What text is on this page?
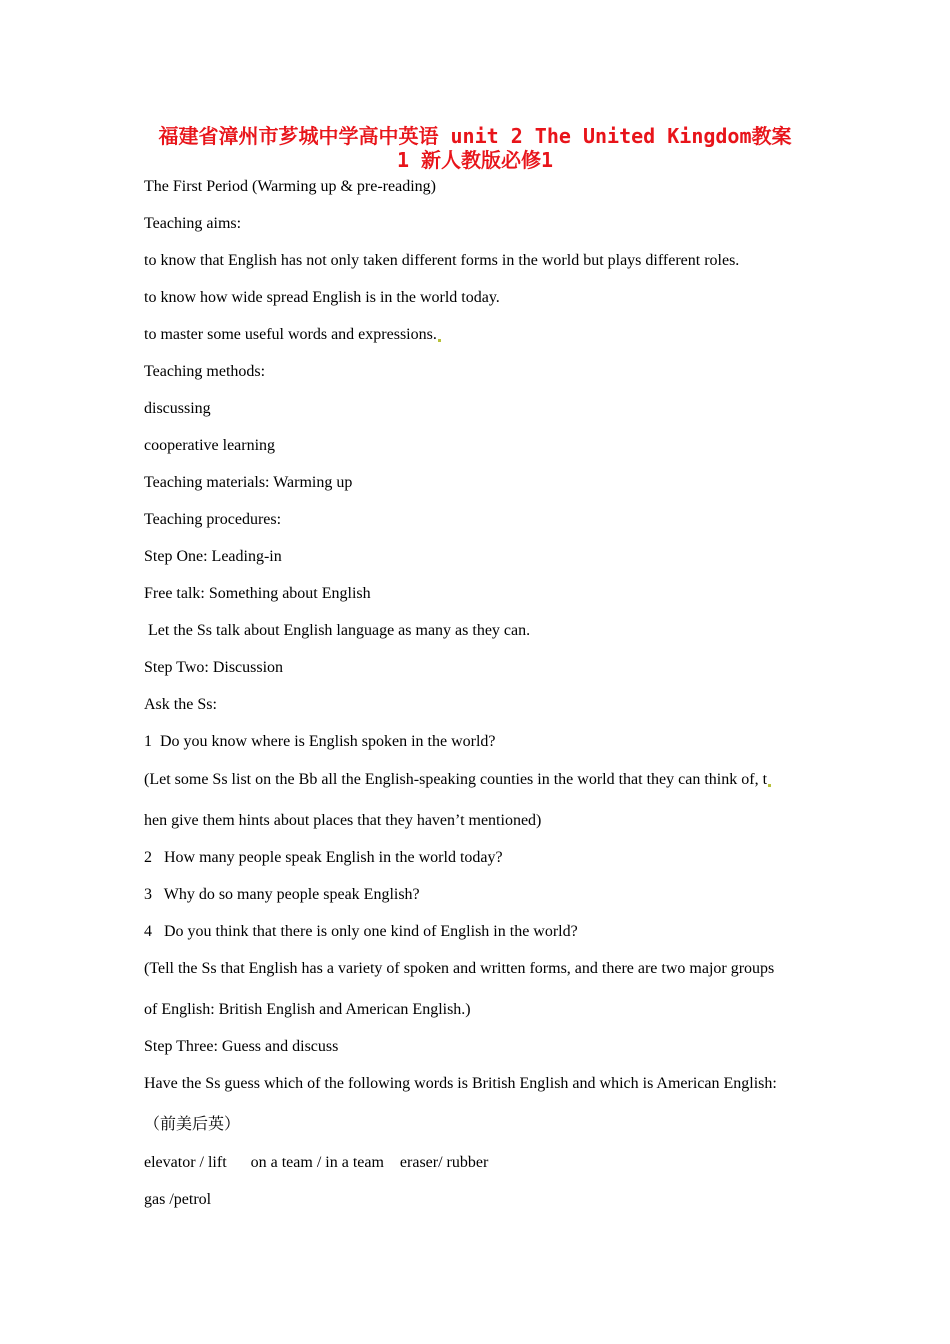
福建省漳州市芗城中学高中英语 unit 2 The United Kingdom教案
1 新人教版必修1

The First Period (Warming up & pre-reading)

Teaching aims:

to know that English has not only taken different forms in the world but plays different roles.

to know how wide spread English is in the world today.

to master some useful words and expressions.

Teaching methods:

discussing

cooperative learning

Teaching materials: Warming up

Teaching procedures:

Step One: Leading-in

Free talk: Something about English

Let the Ss talk about English language as many as they can.

Step Two: Discussion

Ask the Ss:

1  Do you know where is English spoken in the world?

(Let some Ss list on the Bb all the English-speaking counties in the world that they can think of, t

hen give them hints about places that they haven’t mentioned)

2   How many people speak English in the world today?

3   Why do so many people speak English?

4   Do you think that there is only one kind of English in the world?

(Tell the Ss that English has a variety of spoken and written forms, and there are two major groups

of English: British English and American English.)

Step Three: Guess and discuss

Have the Ss guess which of the following words is British English and which is American English:

（前美后英）

elevator / lift      on a team / in a team    eraser/ rubber

gas /petrol
